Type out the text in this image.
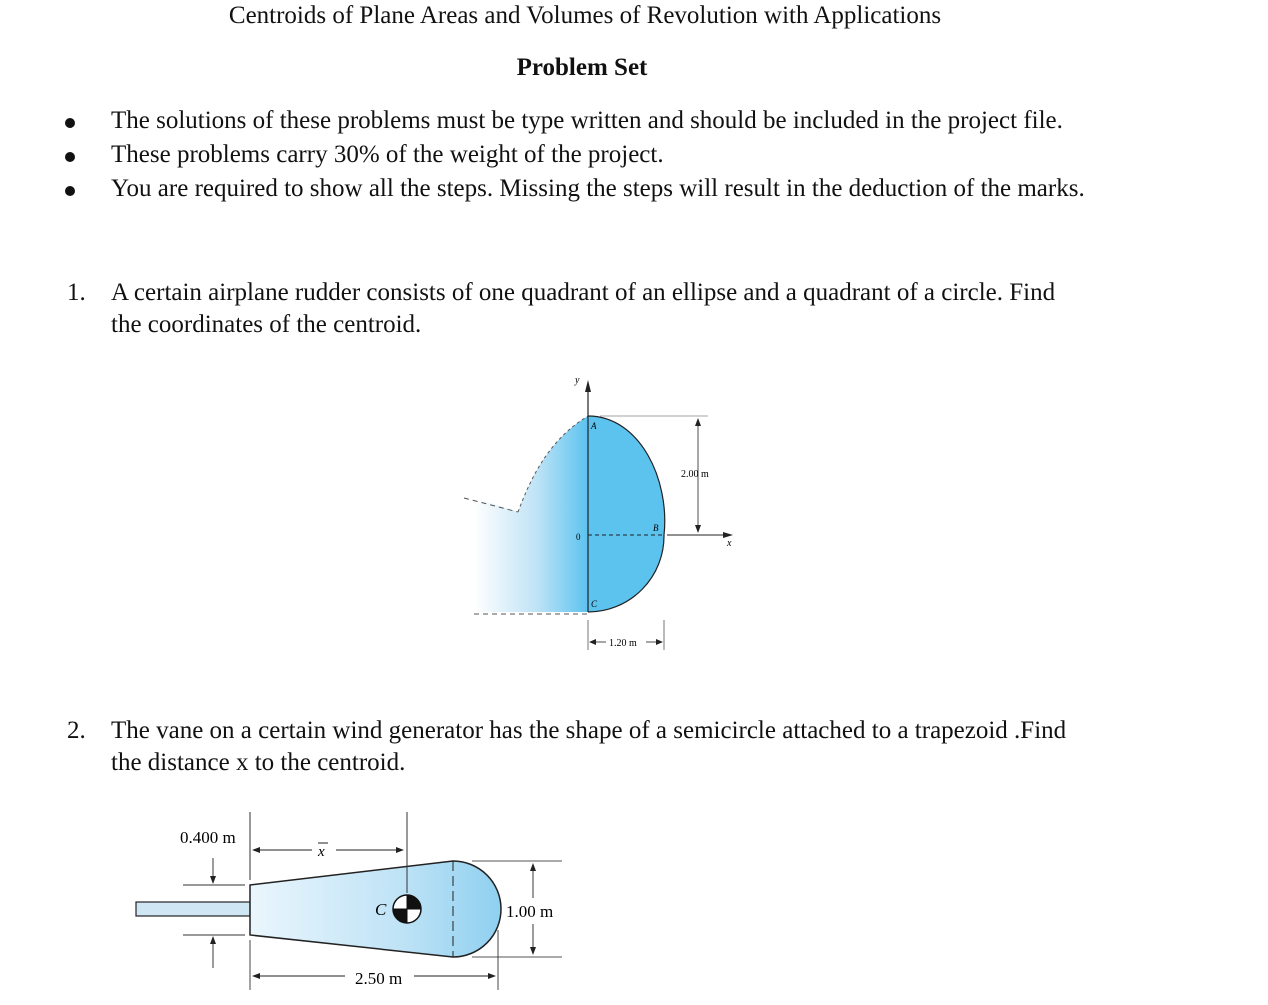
Centroids of Plane Areas and Volumes of Revolution with Applications
Problem Set
The solutions of these problems must be type written and should be included in the project file.
These problems carry 30% of the weight of the project.
You are required to show all the steps. Missing the steps will result in the deduction of the marks.
1. A certain airplane rudder consists of one quadrant of an ellipse and a quadrant of a circle. Find
the coordinates of the centroid.
y
x
A
B
C
0
2.00 m
1.20 m
2. The vane on a certain wind generator has the shape of a semicircle attached to a trapezoid .Find
the distance x to the centroid.
0.400 m
x
C	1.00 m
2.50 m
